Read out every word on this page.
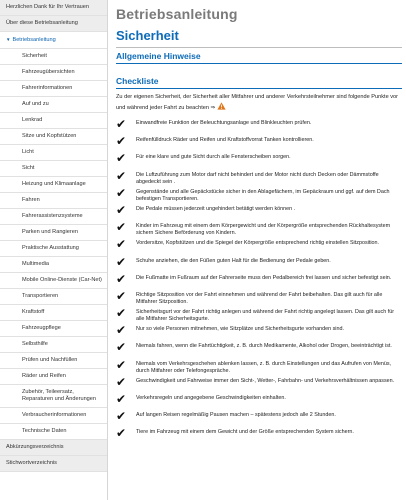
Herzlichen Dank für Ihr Vertrauen
Über diese Betriebsanleitung
▼ Betriebsanleitung
Sicherheit
Fahrzeugübersichten
Fahrerinformationen
Auf und zu
Lenkrad
Sitze und Kopfstützen
Licht
Sicht
Heizung und Klimaanlage
Fahren
Fahrerassistenzsysteme
Parken und Rangieren
Praktische Ausstattung
Multimedia
Mobile Online-Dienste (Car-Net)
Transportieren
Kraftstoff
Fahrzeugpflege
Selbsthilfe
Prüfen und Nachfüllen
Räder und Reifen
Zubehör, Teileersatz, Reparaturen und Änderungen
Verbraucherinformationen
Technische Daten
Abkürzungsverzeichnis
Stichwortverzeichnis
Betriebsanleitung
Sicherheit
Allgemeine Hinweise
Checkliste
Zu der eigenen Sicherheit, der Sicherheit aller Mitfahrer und anderer Verkehrsteilnehmer sind folgende Punkte vor und während jeder Fahrt zu beachten ⇒
✔	Einwandfreie Funktion der Beleuchtungsanlage und Blinkleuchten prüfen.
✔	Reifenfülldruck Räder und Reifen und Kraftstoffvorrat Tanken kontrollieren.
✔	Für eine klare und gute Sicht durch alle Fensterscheiben sorgen.
✔	Die Luftzuführung zum Motor darf nicht behindert und der Motor nicht durch Decken oder Dämmstoffe abgedeckt sein .
✔	Gegenstände und alle Gepäckstücke sicher in den Ablagefächern, im Gepäckraum und ggf. auf dem Dach befestigen Transportieren.
✔	Die Pedale müssen jederzeit ungehindert betätigt werden können .
✔	Kinder im Fahrzeug mit einem dem Körpergewicht und der Körpergröße entsprechenden Rückhaltesystem sichern Sichere Beförderung von Kindern.
✔	Vordersitze, Kopfstützen und die Spiegel der Körpergröße entsprechend richtig einstellen Sitzposition.
✔	Schuhe anziehen, die den Füßen guten Halt für die Bedienung der Pedale geben.
✔	Die Fußmatte im Fußraum auf der Fahrerseite muss den Pedalbereich frei lassen und sicher befestigt sein.
✔	Richtige Sitzposition vor der Fahrt einnehmen und während der Fahrt beibehalten. Das gilt auch für alle Mitfahrer Sitzposition.
✔	Sicherheitsgurt vor der Fahrt richtig anlegen und während der Fahrt richtig angelegt lassen. Das gilt auch für alle Mitfahrer Sicherheitsgurte.
✔	Nur so viele Personen mitnehmen, wie Sitzplätze und Sicherheitsgurte vorhanden sind.
✔	Niemals fahren, wenn die Fahrtüchtigkeit, z. B. durch Medikamente, Alkohol oder Drogen, beeinträchtigt ist.
✔	Niemals vom Verkehrsgeschehen ablenken lassen, z. B. durch Einstellungen und das Aufrufen von Menüs, durch Mitfahrer oder Telefongespräche.
✔	Geschwindigkeit und Fahrweise immer den Sicht-, Wetter-, Fahrbahn- und Verkehrsverhältnissen anpassen.
✔	Verkehrsregeln und angegebene Geschwindigkeiten einhalten.
✔	Auf langen Reisen regelmäßig Pausen machen – spätestens jedoch alle 2 Stunden.
✔	Tiere im Fahrzeug mit einem dem Gewicht und der Größe entsprechenden System sichern.
